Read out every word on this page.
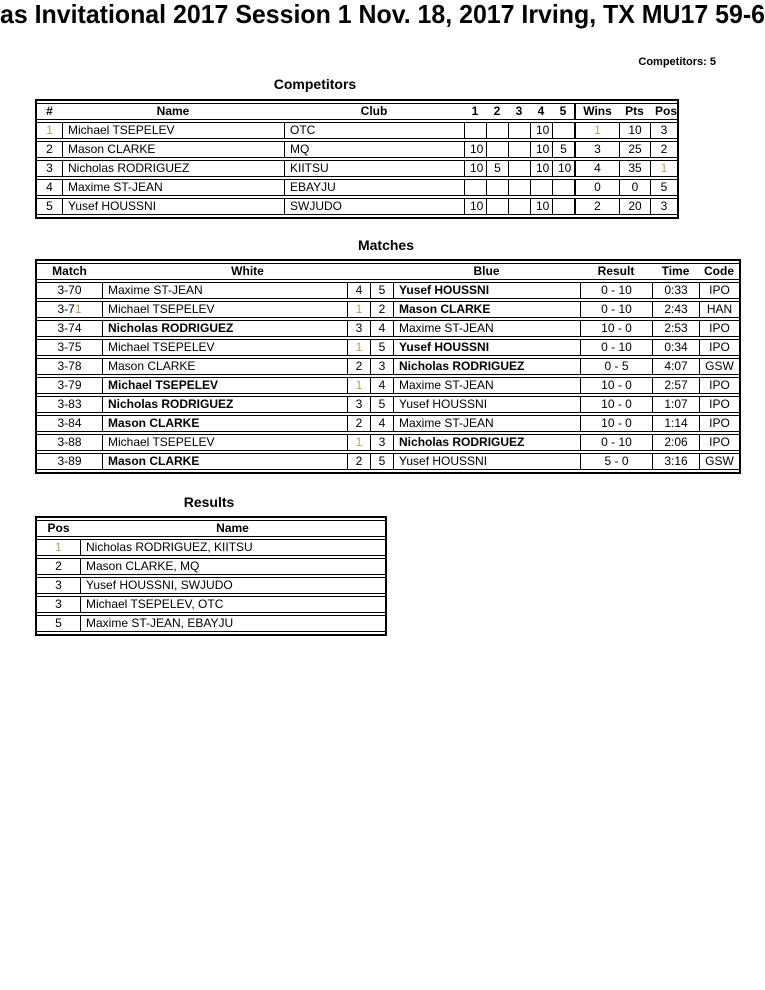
as Invitational 2017 Session 1 Nov. 18, 2017 Irving, TX MU17 59-6
Competitors: 5
Competitors
#	Name	Club	1	2	3	4	5	Wins	Pts	Pos
1	Michael TSEPELEV	OTC				10		1	10	3
2	Mason CLARKE	MQ	10			10	5	3	25	2
3	Nicholas RODRIGUEZ	KIITSU	10	5		10	10	4	35	1
4	Maxime ST-JEAN	EBAYJU						0	0	5
5	Yusef HOUSSNI	SWJUDO	10			10		2	20	3
Matches
Match	White			Blue	Result	Time	Code
3-70	Maxime ST-JEAN	4	5	Yusef HOUSSNI	0 - 10	0:33	IPO
3-71	Michael TSEPELEV	1	2	Mason CLARKE	0 - 10	2:43	HAN
3-74	Nicholas RODRIGUEZ	3	4	Maxime ST-JEAN	10 - 0	2:53	IPO
3-75	Michael TSEPELEV	1	5	Yusef HOUSSNI	0 - 10	0:34	IPO
3-78	Mason CLARKE	2	3	Nicholas RODRIGUEZ	0 - 5	4:07	GSW
3-79	Michael TSEPELEV	1	4	Maxime ST-JEAN	10 - 0	2:57	IPO
3-83	Nicholas RODRIGUEZ	3	5	Yusef HOUSSNI	10 - 0	1:07	IPO
3-84	Mason CLARKE	2	4	Maxime ST-JEAN	10 - 0	1:14	IPO
3-88	Michael TSEPELEV	1	3	Nicholas RODRIGUEZ	0 - 10	2:06	IPO
3-89	Mason CLARKE	2	5	Yusef HOUSSNI	5 - 0	3:16	GSW
Results
Pos	Name
1	Nicholas RODRIGUEZ, KIITSU
2	Mason CLARKE, MQ
3	Yusef HOUSSNI, SWJUDO
3	Michael TSEPELEV, OTC
5	Maxime ST-JEAN, EBAYJU
